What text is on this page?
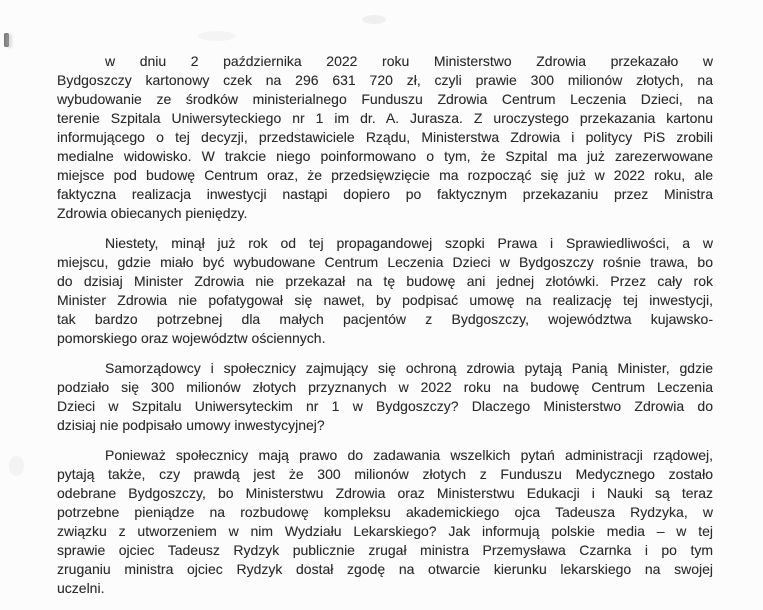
w dniu 2 października 2022 roku Ministerstwo Zdrowia przekazało w
Bydgoszczy kartonowy czek na 296 631 720 zł, czyli prawie 300 milionów złotych, na
wybudowanie ze środków ministerialnego Funduszu Zdrowia Centrum Leczenia Dzieci, na
terenie Szpitala Uniwersyteckiego nr 1 im dr. A. Jurasza. Z uroczystego przekazania kartonu
informującego o tej decyzji, przedstawiciele Rządu, Ministerstwa Zdrowia i politycy PiS zrobili
medialne widowisko. W trakcie niego poinformowano o tym, że Szpital ma już zarezerwowane
miejsce pod budowę Centrum oraz, że przedsięwzięcie ma rozpocząć się już w 2022 roku, ale
faktyczna realizacja inwestycji nastąpi dopiero po faktycznym przekazaniu przez Ministra
Zdrowia obiecanych pieniędzy.
Niestety, minął już rok od tej propagandowej szopki Prawa i Sprawiedliwości, a w
miejscu, gdzie miało być wybudowane Centrum Leczenia Dzieci w Bydgoszczy rośnie trawa, bo
do dzisiaj Minister Zdrowia nie przekazał na tę budowę ani jednej złotówki. Przez cały rok
Minister Zdrowia nie pofatygował się nawet, by podpisać umowę na realizację tej inwestycji,
tak bardzo potrzebnej dla małych pacjentów z Bydgoszczy, województwa kujawsko-
pomorskiego oraz województw ościennych.
Samorządowcy i społecznicy zajmujący się ochroną zdrowia pytają Panią Minister, gdzie
podziało się 300 milionów złotych przyznanych w 2022 roku na budowę Centrum Leczenia
Dzieci w Szpitalu Uniwersyteckim nr 1 w Bydgoszczy? Dlaczego Ministerstwo Zdrowia do
dzisiaj nie podpisało umowy inwestycyjnej?
Ponieważ społecznicy mają prawo do zadawania wszelkich pytań administracji rządowej,
pytają także, czy prawdą jest że 300 milionów złotych z Funduszu Medycznego zostało
odebrane Bydgoszczy, bo Ministerstwu Zdrowia oraz Ministerstwu Edukacji i Nauki są teraz
potrzebne pieniądze na rozbudowę kompleksu akademickiego ojca Tadeusza Rydzyka, w
związku z utworzeniem w nim Wydziału Lekarskiego? Jak informują polskie media – w tej
sprawie ojciec Tadeusz Rydzyk publicznie zrugał ministra Przemysława Czarnka i po tym
zruganiu ministra ojciec Rydzyk dostał zgodę na otwarcie kierunku lekarskiego na swojej
uczelni.
